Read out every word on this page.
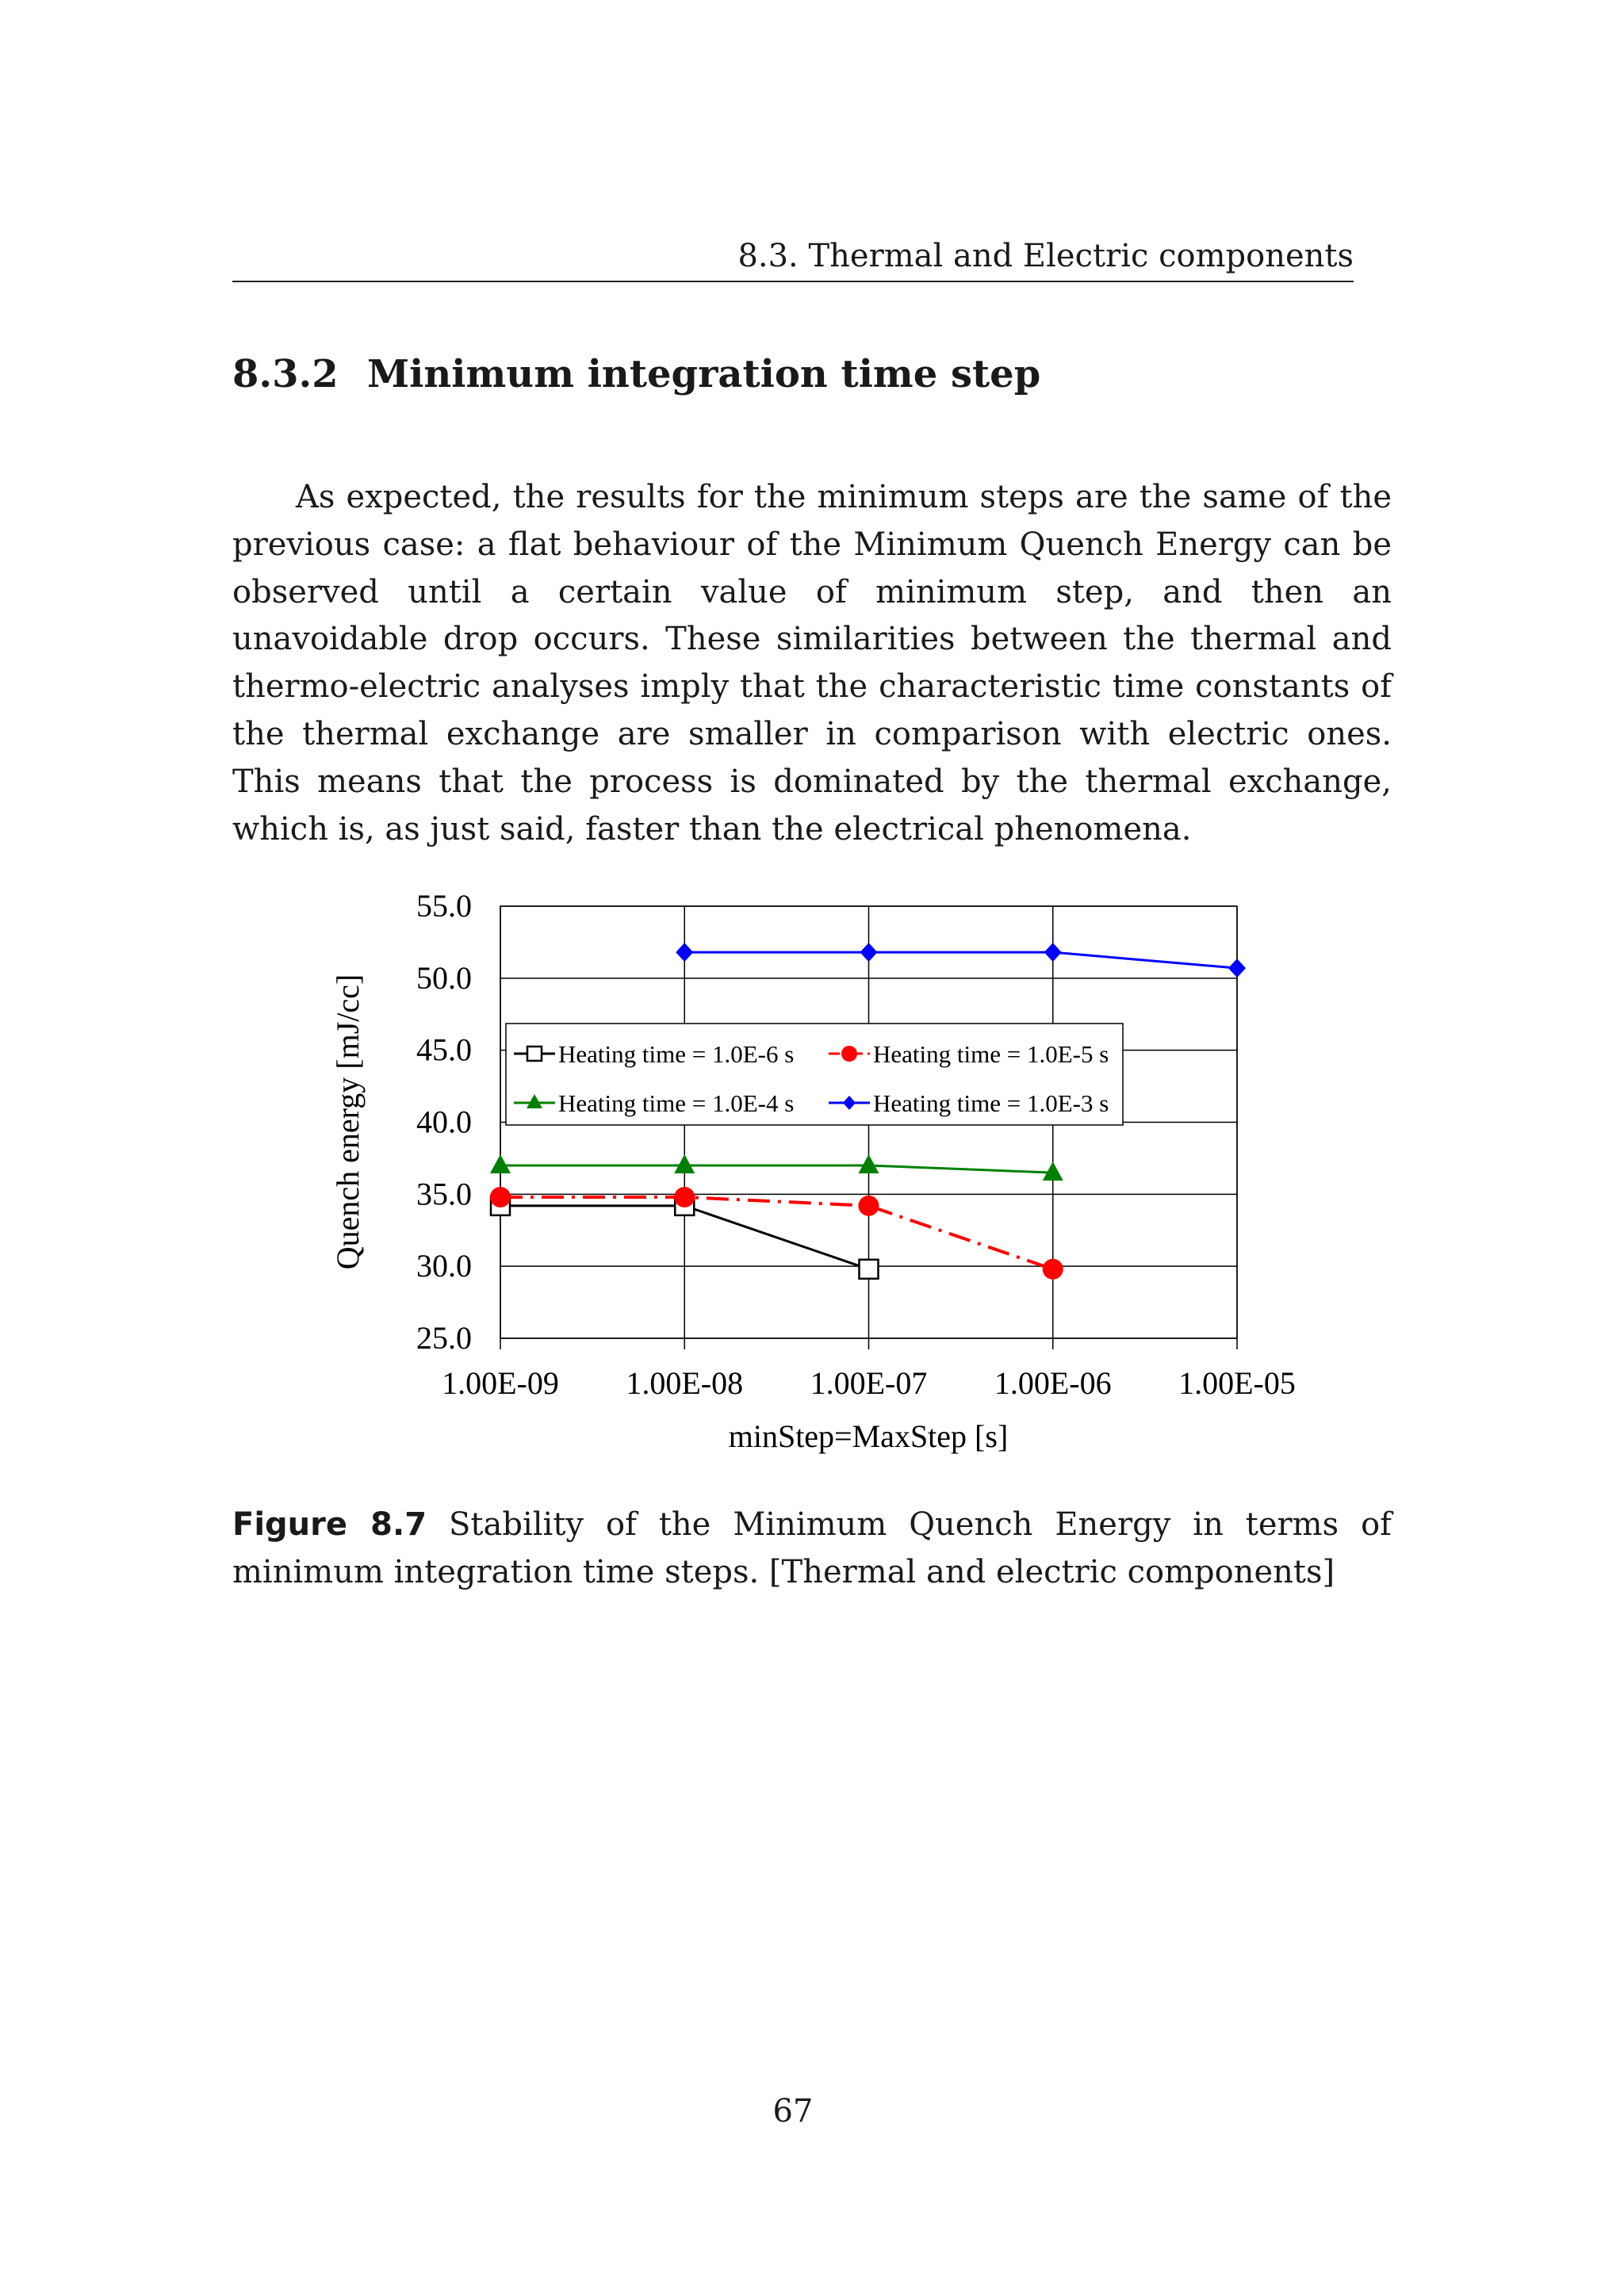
8.3. Thermal and Electric components
8.3.2 Minimum integration time step
As expected, the results for the minimum steps are the same of the previous case: a flat behaviour of the Minimum Quench Energy can be observed until a certain value of minimum step, and then an unavoidable drop occurs. These similarities between the thermal and thermo-electric analyses imply that the characteristic time constants of the thermal exchange are smaller in comparison with electric ones. This means that the process is dominated by the thermal exchange, which is, as just said, faster than the electrical phenomena.
25.0
30.0
35.0
40.0
45.0
50.0
55.0
1.00E-09 1.00E-08 1.00E-07 1.00E-06 1.00E-05
Heating time = 1.0E-6 s	Heating time = 1.0E-5 s
Heating time = 1.0E-4 s	Heating time = 1.0E-3 s
Quench energy [mJ/cc]
minStep=MaxStep [s]
Figure 8.7 Stability of the Minimum Quench Energy in terms of minimum integration time steps. [Thermal and electric components]
67
